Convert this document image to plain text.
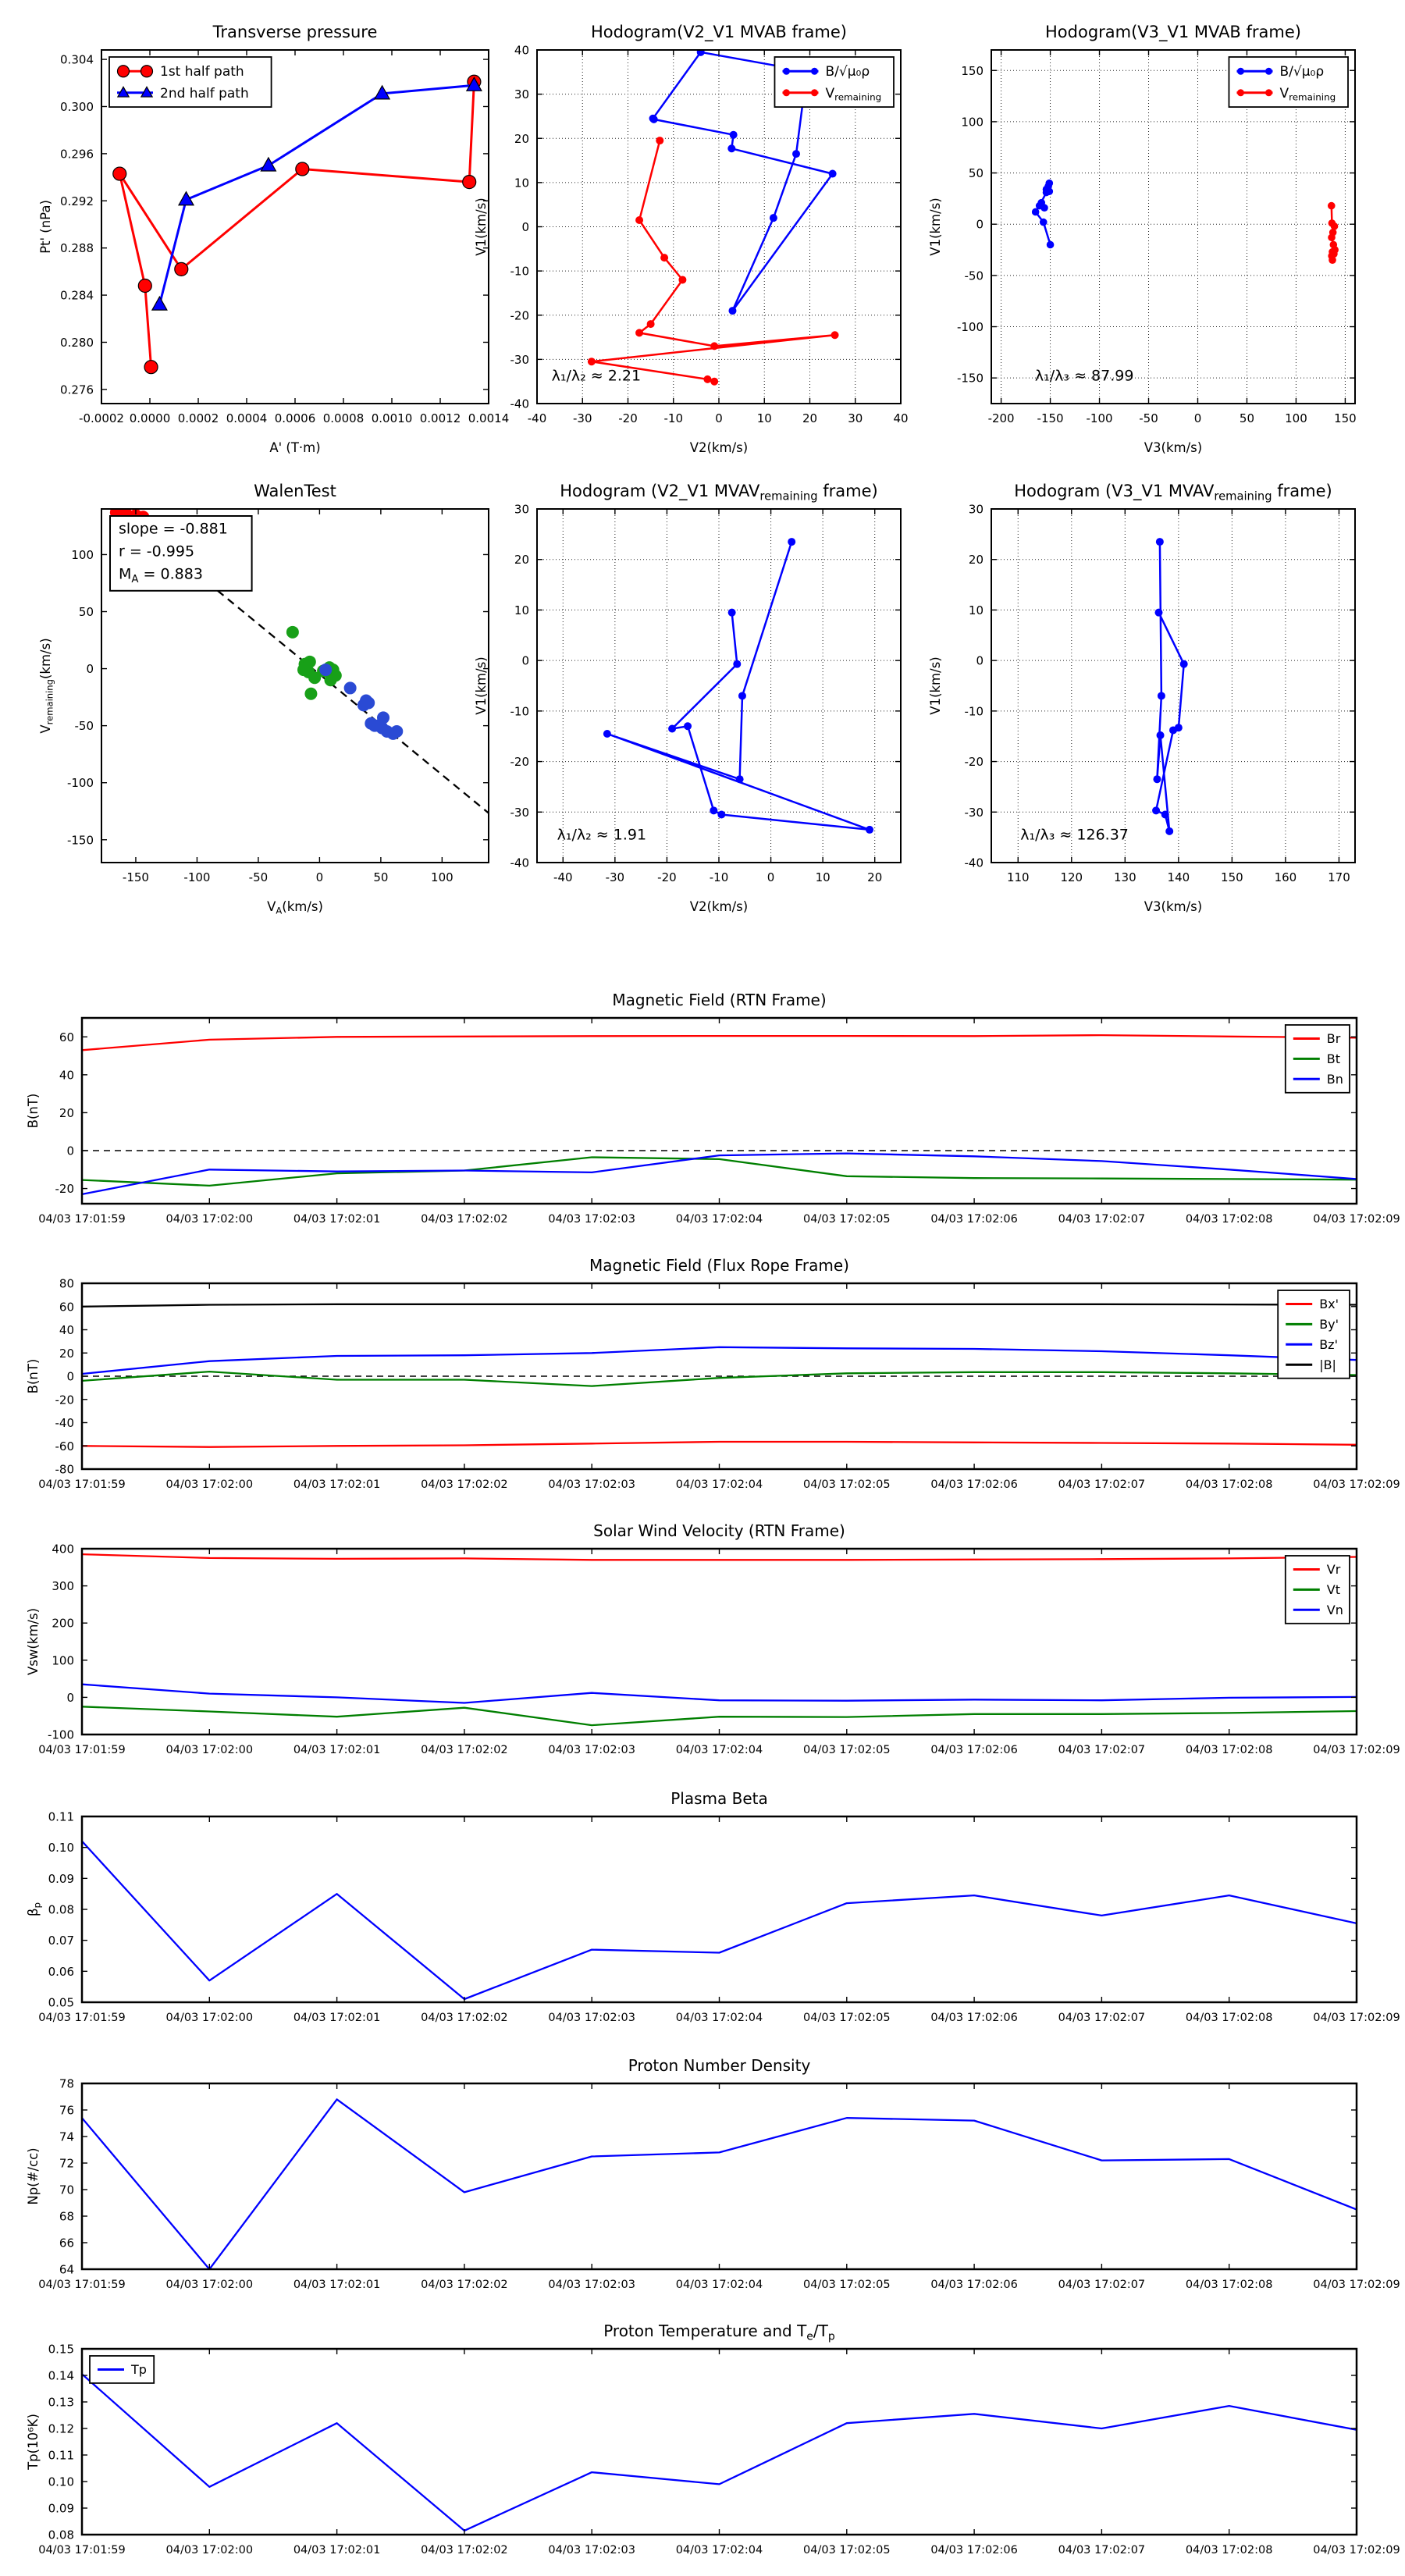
-0.0002 0.0000 0.0002 0.0004 0.0006 0.0008 0.0010 0.0012 0.0014
0.276
0.280
0.284
0.288
0.292
0.296
0.300
0.304
Transverse pressure
A' (T·m)
Pt' (nPa)
1st half path
2nd half path
-40 -30 -20 -10	0	10	20	30	40
-40
-30
-20
-10
0
10
20
30
40
Hodogram(V2_V1 MVAB frame)
V2(km/s)
V1(km/s)
λ₁/λ₂ ≈ 2.21
B/√μ₀ρ
$V_{remaining}$
-200 -150 -100 -50	0	50	100 150
-150
-100
-50
0
50
100
150
Hodogram(V3_V1 MVAB frame)
V3(km/s)
V1(km/s)
λ₁/λ₃ ≈ 87.99
B/√μ₀ρ
$V_{remaining}$
-150	-100	-50	0	50	100
-150
-100
-50
0
50
100
WalenTest
$V_A(km/s)$
$V_{remaining}(km/s)$
slope = -0.881
r = -0.995
$M_A = 0.883$
-40	-30	-20	-10	0	10	20
-40
-30
-20
-10
0
10
20
30
Hodogram (V2_V1 $MVAV_{remaining}$ frame)
V2(km/s)
V1(km/s)
λ₁/λ₂ ≈ 1.91
110	120	130	140	150	160	170
-40
-30
-20
-10
0
10
20
30
Hodogram (V3_V1 $MVAV_{remaining}$ frame)
V3(km/s)
V1(km/s)
λ₁/λ₃ ≈ 126.37
04/03 17:01:59	04/03 17:02:00	04/03 17:02:01	04/03 17:02:02	04/03 17:02:03	04/03 17:02:04	04/03 17:02:05	04/03 17:02:06	04/03 17:02:07	04/03 17:02:08	04/03 17:02:09
-20
0
20
40
60
Magnetic Field (RTN Frame)
B(nT)
Br
Bt
Bn
04/03 17:01:59	04/03 17:02:00	04/03 17:02:01	04/03 17:02:02	04/03 17:02:03	04/03 17:02:04	04/03 17:02:05	04/03 17:02:06	04/03 17:02:07	04/03 17:02:08	04/03 17:02:09
-80
-60
-40
-20
0
20
40
60
80
Magnetic Field (Flux Rope Frame)
B(nT)
Bx'
By'
Bz'
|B|
04/03 17:01:59	04/03 17:02:00	04/03 17:02:01	04/03 17:02:02	04/03 17:02:03	04/03 17:02:04	04/03 17:02:05	04/03 17:02:06	04/03 17:02:07	04/03 17:02:08	04/03 17:02:09
-100
0
100
200
300
400
Solar Wind Velocity (RTN Frame)
Vsw(km/s)
Vr
Vt
Vn
04/03 17:01:59	04/03 17:02:00	04/03 17:02:01	04/03 17:02:02	04/03 17:02:03	04/03 17:02:04	04/03 17:02:05	04/03 17:02:06	04/03 17:02:07	04/03 17:02:08	04/03 17:02:09
0.05
0.06
0.07
0.08
0.09
0.10
0.11
Plasma Beta
$\beta_p$
04/03 17:01:59	04/03 17:02:00	04/03 17:02:01	04/03 17:02:02	04/03 17:02:03	04/03 17:02:04	04/03 17:02:05	04/03 17:02:06	04/03 17:02:07	04/03 17:02:08	04/03 17:02:09
64
66
68
70
72
74
76
78
Proton Number Density
Np(#/cc)
04/03 17:01:59	04/03 17:02:00	04/03 17:02:01	04/03 17:02:02	04/03 17:02:03	04/03 17:02:04	04/03 17:02:05	04/03 17:02:06	04/03 17:02:07	04/03 17:02:08	04/03 17:02:09
0.08
0.09
0.10
0.11
0.12
0.13
0.14
0.15
Proton Temperature and $T_e/T_p$
Tp(10⁶K)
Tp
